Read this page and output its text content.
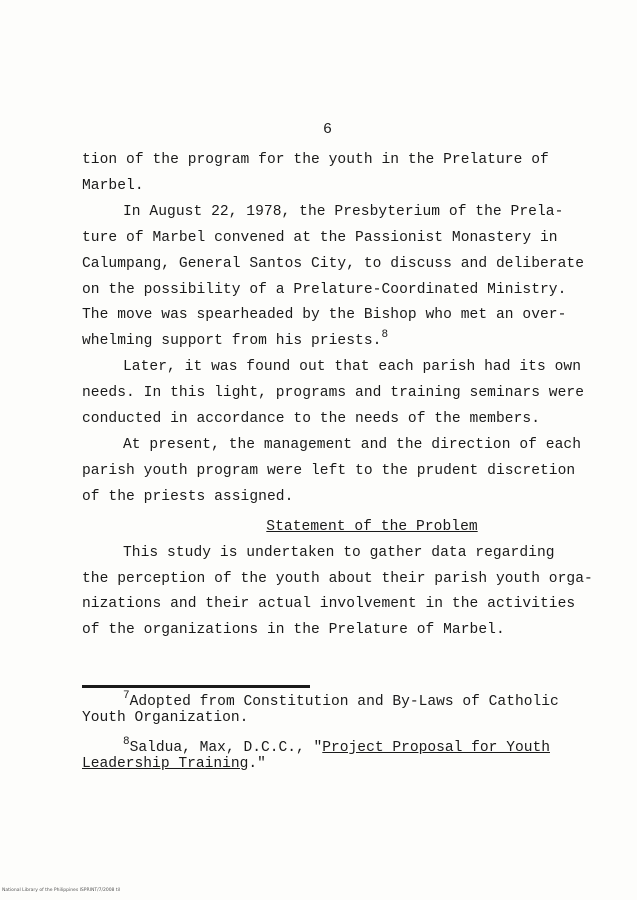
6
tion of the program for the youth in the Prelature of
Marbel.
In August 22, 1978, the Presbyterium of the Prela-
ture of Marbel convened at the Passionist Monastery in
Calumpang, General Santos City, to discuss and deliberate
on the possibility of a Prelature-Coordinated Ministry.
The move was spearheaded by the Bishop who met an over-
whelming support from his priests.$^8$
Later, it was found out that each parish had its own
needs. In this light, programs and training seminars were
conducted in accordance to the needs of the members.
At present, the management and the direction of each
parish youth program were left to the prudent discretion
of the priests assigned.
Statement of the Problem
This study is undertaken to gather data regarding
the perception of the youth about their parish youth orga-
nizations and their actual involvement in the activities
of the organizations in the Prelature of Marbel.
$^7$Adopted from Constitution and By-Laws of Catholic
Youth Organization.
$^8$Saldua, Max, D.C.C., "Project Proposal for Youth
Leadership Training."
National Library of the Philippines ISPRINT/7/2008 til
